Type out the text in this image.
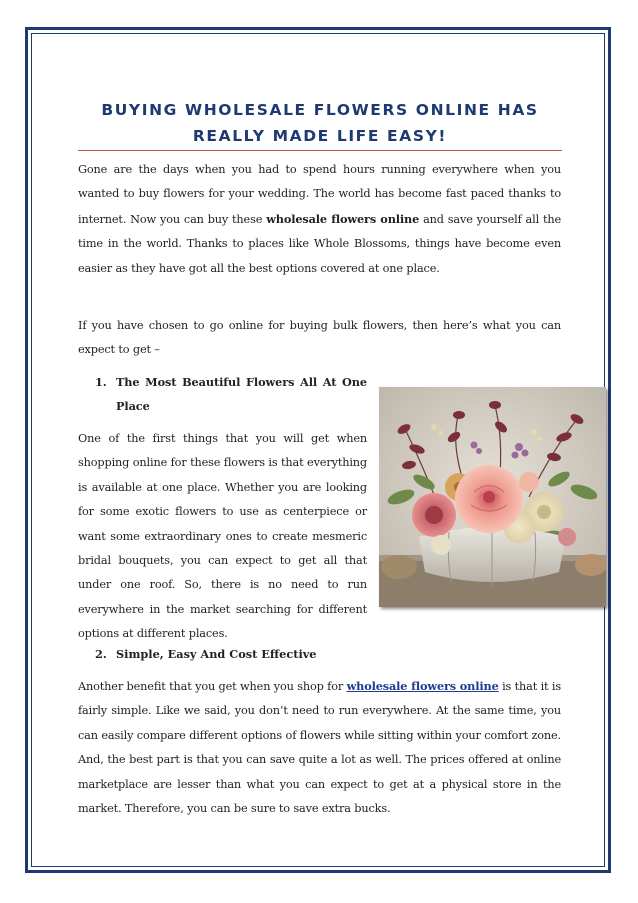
BUYING WHOLESALE FLOWERS ONLINE HAS
REALLY MADE LIFE EASY!

Gone are the days when you had to spend hours running everywhere when you wanted to buy flowers for your wedding. The world has become fast paced thanks to internet. Now you can buy these wholesale flowers online and save yourself all the time in the world. Thanks to places like Whole Blossoms, things have become even easier as they have got all the best options covered at one place.

If you have chosen to go online for buying bulk flowers, then here’s what you can expect to get –

1. The Most Beautiful Flowers All At One Place

One of the first things that you will get when shopping online for these flowers is that everything is available at one place. Whether you are looking for some exotic flowers to use as centerpiece or want some extraordinary ones to create mesmeric bridal bouquets, you can expect to get all that under one roof. So, there is no need to run everywhere in the market searching for different options at different places.

2. Simple, Easy And Cost Effective

Another benefit that you get when you shop for wholesale flowers online is that it is fairly simple. Like we said, you don’t need to run everywhere. At the same time, you can easily compare different options of flowers while sitting within your comfort zone. And, the best part is that you can save quite a lot as well. The prices offered at online marketplace are lesser than what you can expect to get at a physical store in the market. Therefore, you can be sure to save extra bucks.
